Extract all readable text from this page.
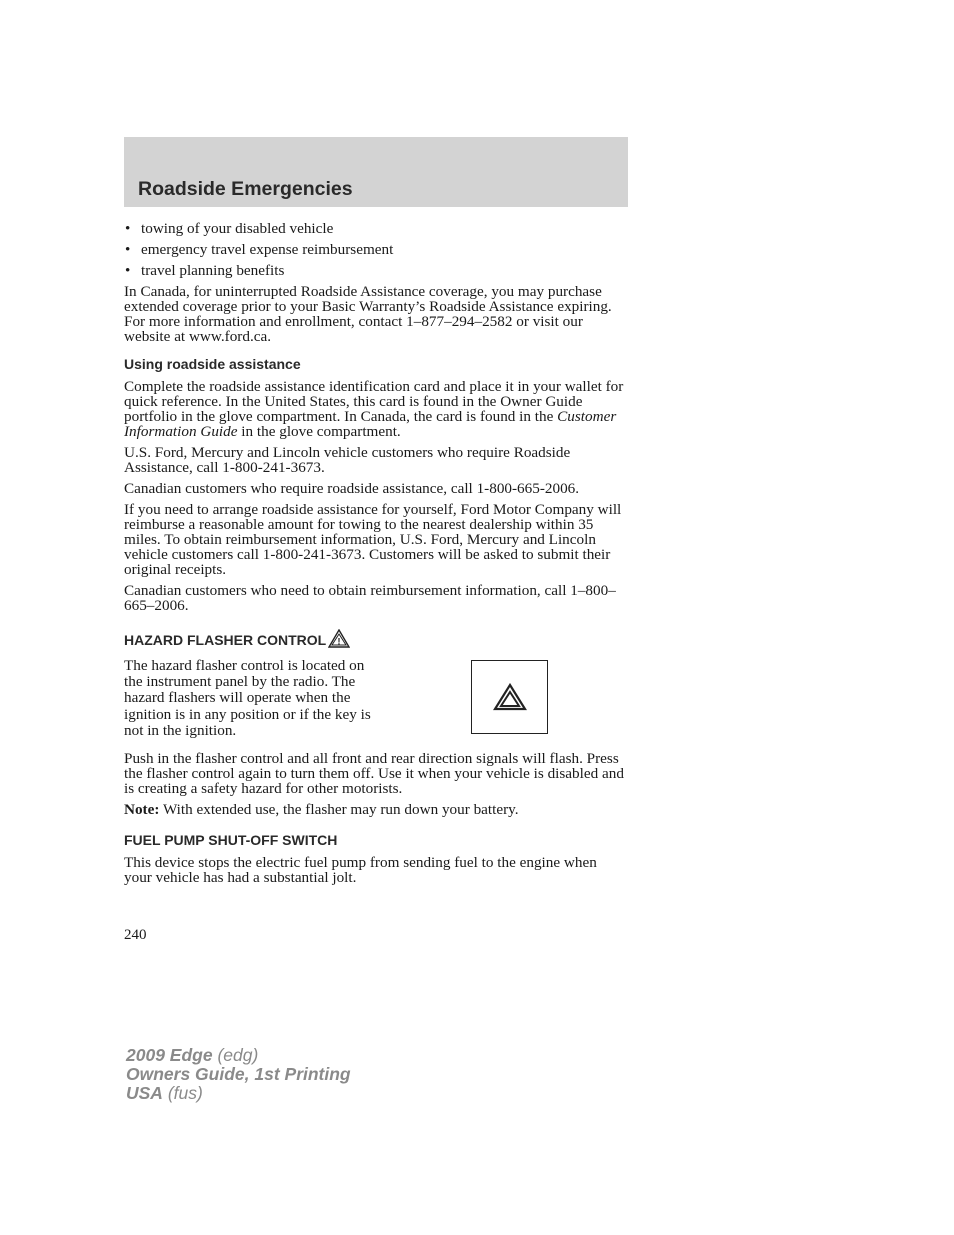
Roadside Emergencies
• towing of your disabled vehicle
• emergency travel expense reimbursement
• travel planning benefits

In Canada, for uninterrupted Roadside Assistance coverage, you may purchase extended coverage prior to your Basic Warranty’s Roadside Assistance expiring. For more information and enrollment, contact 1–877–294–2582 or visit our website at www.ford.ca.

Using roadside assistance

Complete the roadside assistance identification card and place it in your wallet for quick reference. In the United States, this card is found in the Owner Guide portfolio in the glove compartment. In Canada, the card is found in the Customer Information Guide in the glove compartment.

U.S. Ford, Mercury and Lincoln vehicle customers who require Roadside Assistance, call 1-800-241-3673.

Canadian customers who require roadside assistance, call 1-800-665-2006.

If you need to arrange roadside assistance for yourself, Ford Motor Company will reimburse a reasonable amount for towing to the nearest dealership within 35 miles. To obtain reimbursement information, U.S. Ford, Mercury and Lincoln vehicle customers call 1-800-241-3673. Customers will be asked to submit their original receipts.

Canadian customers who need to obtain reimbursement information, call 1–800–665–2006.

HAZARD FLASHER CONTROL !
The hazard flasher control is located on the instrument panel by the radio. The hazard flashers will operate when the ignition is in any position or if the key is not in the ignition.

Push in the flasher control and all front and rear direction signals will flash. Press the flasher control again to turn them off. Use it when your vehicle is disabled and is creating a safety hazard for other motorists.

Note: With extended use, the flasher may run down your battery.

FUEL PUMP SHUT-OFF SWITCH

This device stops the electric fuel pump from sending fuel to the engine when your vehicle has had a substantial jolt.

240
2009 Edge (edg)
Owners Guide, 1st Printing
USA (fus)
